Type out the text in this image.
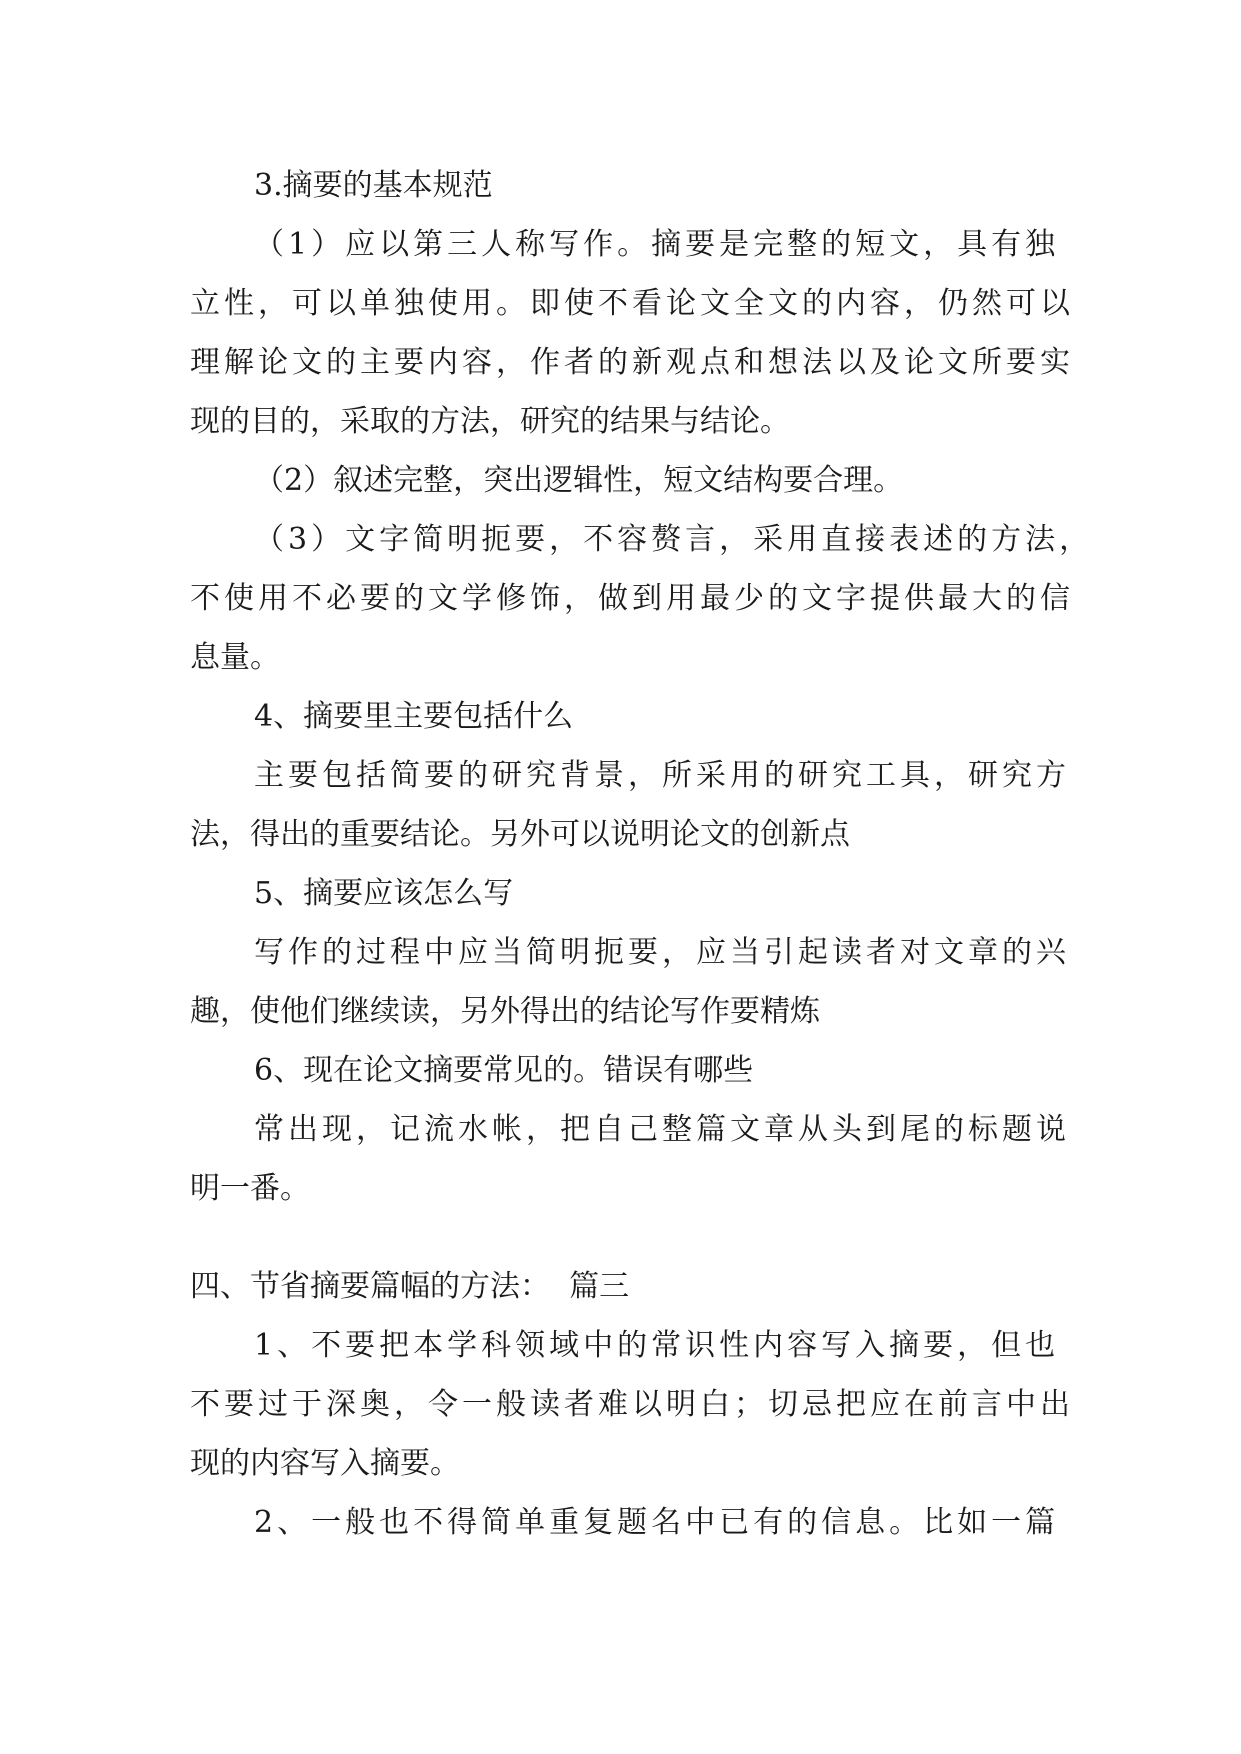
3.摘要的基本规范

（1）应以第三人称写作。摘要是完整的短文，具有独

立性，可以单独使用。即使不看论文全文的内容，仍然可以

理解论文的主要内容，作者的新观点和想法以及论文所要实

现的目的，采取的方法，研究的结果与结论。

（2）叙述完整，突出逻辑性，短文结构要合理。

（3）文字简明扼要，不容赘言，采用直接表述的方法，

不使用不必要的文学修饰，做到用最少的文字提供最大的信

息量。

4、摘要里主要包括什么

主要包括简要的研究背景，所采用的研究工具，研究方

法，得出的重要结论。另外可以说明论文的创新点

5、摘要应该怎么写

写作的过程中应当简明扼要，应当引起读者对文章的兴

趣，使他们继续读，另外得出的结论写作要精炼

6、现在论文摘要常见的。错误有哪些

常出现，记流水帐，把自己整篇文章从头到尾的标题说

明一番。

四、节省摘要篇幅的方法：  篇三

1、不要把本学科领域中的常识性内容写入摘要，但也

不要过于深奥，令一般读者难以明白；切忌把应在前言中出

现的内容写入摘要。

2、一般也不得简单重复题名中已有的信息。比如一篇
